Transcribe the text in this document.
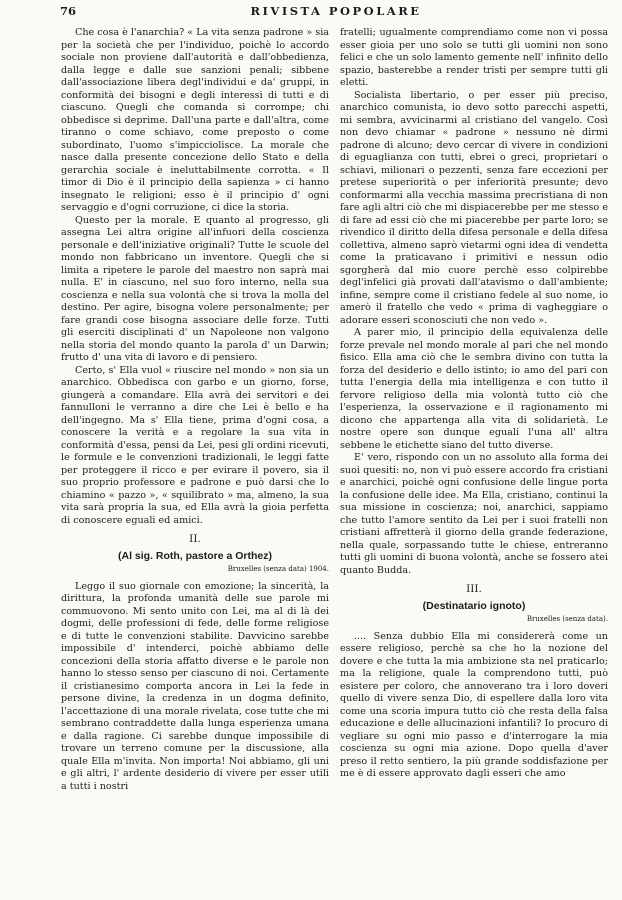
76	RIVISTA POPOLARE

Che cosa è l'anarchia? « La vita senza padrone » sia per la società che per l'individuo, poichè lo accordo sociale non proviene dall'autorità e dall'obbedienza, dalla legge e dalle sue sanzioni penali; sibbene dall'associazione libera degl'individui e da' gruppi, in conformità dei bisogni e degli interessi di tutti e di ciascuno. Quegli che comanda si corrompe; chi obbedisce si deprime. Dall'una parte e dall'altra, come tiranno o come schiavo, come preposto o come subordinato, l'uomo s'impicciolisce. La morale che nasce dalla presente concezione dello Stato e della gerarchia sociale è ineluttabilmente corrotta. « Il timor di Dio è il principio della sapienza » ci hanno insegnato le religioni; esso è il principio d' ogni servaggio e d'ogni corruzione, ci dice la storia.

Questo per la morale. E quanto al progresso, gli assegna Lei altra origine all'infuori della coscienza personale e dell'iniziative originali? Tutte le scuole del mondo non fabbricano un inventore. Quegli che si limita a ripetere le parole del maestro non saprà mai nulla. E' in ciascuno, nel suo foro interno, nella sua coscienza e nella sua volontà che si trova la molla del destino. Per agire, bisogna volere personalmente; per fare grandi cose bisogna associare delle forze. Tutti gli eserciti disciplinati d' un Napoleone non valgono nella storia del mondo quanto la parola d' un Darwin; frutto d' una vita di lavoro e di pensiero.

Certo, s' Ella vuol « riuscire nel mondo » non sia un anarchico. Obbedisca con garbo e un giorno, forse, giungerà a comandare. Ella avrà dei servitori e dei fannulloni le verranno a dire che Lei è bello e ha dell'ingegno. Ma s' Ella tiene, prima d'ogni cosa, a conoscere la verità e a regolare la sua vita in conformità d'essa, pensi da Lei, pesi gli ordini ricevuti, le formule e le convenzioni tradizionali, le leggi fatte per proteggere il ricco e per evirare il povero, sia il suo proprio professore e padrone e può darsi che lo chiamino « pazzo », « squilibrato » ma, almeno, la sua vita sarà propria la sua, ed Ella avrà la gioia perfetta di conoscere eguali ed amici.

II.
(Al sig. Roth, pastore a Orthez)
Bruxelles (senza data) 1904.

Leggo il suo giornale con emozione; la sincerità, la dirittura, la profonda umanità delle sue parole mi commuovono. Mi sento unito con Lei, ma al di là dei dogmi, delle professioni di fede, delle forme religiose e di tutte le convenzioni stabilite. Davvicino sarebbe impossibile d' intenderci, poichè abbiamo delle concezioni della storia affatto diverse e le parole non hanno lo stesso senso per ciascuno di noi. Certamente il cristianesimo comporta ancora in Lei la fede in persone divine, la credenza in un dogma definito, l'accettazione di una morale rivelata, cose tutte che mi sembrano contraddette dalla lunga esperienza umana e dalla ragione. Ci sarebbe dunque impossibile di trovare un terreno comune per la discussione, alla quale Ella m'invita. Non importa! Noi abbiamo, gli uni e gli altri, l' ardente desiderio di vivere per esser utili a tutti i nostri

fratelli; ugualmente comprendiamo come non vi possa esser gioia per uno solo se tutti gli uomini non sono felici e che un solo lamento gemente nell' infinito dello spazio, basterebbe a render tristi per sempre tutti gli eletti.

Socialista libertario, o per esser più preciso, anarchico comunista, io devo sotto parecchi aspetti, mi sembra, avvicinarmi al cristiano del vangelo. Così non devo chiamar « padrone » nessuno nè dirmi padrone di alcuno; devo cercar di vivere in condizioni di eguaglianza con tutti, ebrei o greci, proprietari o schiavi, milionari o pezzenti, senza fare eccezioni per pretese superiorità o per inferiorità presunte; devo conformarmi alla vecchia massima precristiana di non fare agli altri ciò che mi dispiacerebbe per me stesso e di fare ad essi ciò che mi piacerebbe per parte loro; se rivendico il diritto della difesa personale e della difesa collettiva, almeno saprò vietarmi ogni idea di vendetta come la praticavano i primitivi e nessun odio sgorgherà dal mio cuore perchè esso colpirebbe degl'infelici già provati dall'atavismo o dall'ambiente; infine, sempre come il cristiano fedele al suo nome, io amerò il fratello che vedo « prima di vagheggiare o adorare esseri sconosciuti che non vedo ».

A parer mio, il principio della equivalenza delle forze prevale nel mondo morale al pari che nel mondo fisico. Ella ama ciò che le sembra divino con tutta la forza del desiderio e dello istinto; io amo del pari con tutta l'energia della mia intelligenza e con tutto il fervore religioso della mia volontà tutto ciò che l'esperienza, la osservazione e il ragionamento mi dicono che appartenga alla vita di solidarietà. Le nostre opere son dunque eguali l'una all' altra sebbene le etichette siano del tutto diverse.

E' vero, rispondo con un no assoluto alla forma dei suoi quesiti: no, non vi può essere accordo fra cristiani e anarchici, poichè ogni confusione delle lingue porta la confusione delle idee. Ma Ella, cristiano, continui la sua missione in coscienza; noi, anarchici, sappiamo che tutto l'amore sentito da Lei per i suoi fratelli non cristiani affretterà il giorno della grande federazione, nella quale, sorpassando tutte le chiese, entreranno tutti gli uomini di buona volontà, anche se fossero atei quanto Budda.

III.
(Destinatario ignoto)
Bruxelles (senza data).

.... Senza dubbio Ella mi considererà come un essere religioso, perchè sa che ho la nozione del dovere e che tutta la mia ambizione sta nel praticarlo; ma la religione, quale la comprendono tutti, può esistere per coloro, che annoverano tra i loro doveri quello di vivere senza Dio, di espellere dalla loro vita come una scoria impura tutto ciò che resta della falsa educazione e delle allucinazioni infantili? Io procuro di vegliare su ogni mio passo e d'interrogare la mia coscienza su ogni mia azione. Dopo quella d'aver preso il retto sentiero, la più grande soddisfazione per me è di essere approvato dagli esseri che amo
